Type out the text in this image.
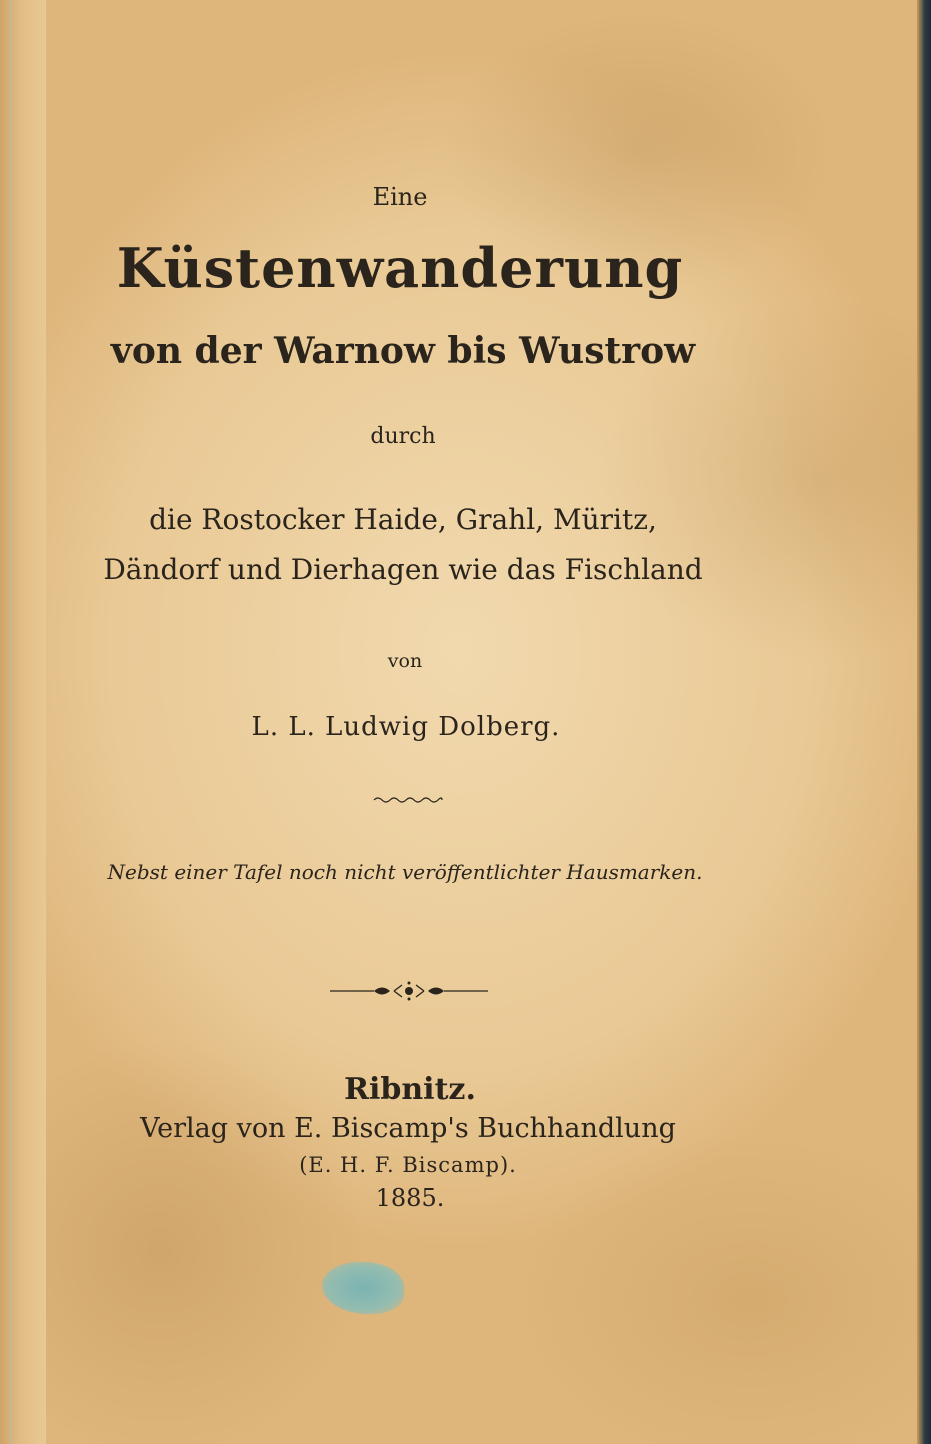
Eine

Küstenwanderung

von der Warnow bis Wustrow

durch

die Rostocker Haide, Grahl, Müritz,

Dändorf und Dierhagen wie das Fischland

von

L. L. Ludwig Dolberg.

Nebst einer Tafel noch nicht veröffentlichter Hausmarken.

Ribnitz.

Verlag von E. Biscamp's Buchhandlung

(E. H. F. Biscamp).

1885.
